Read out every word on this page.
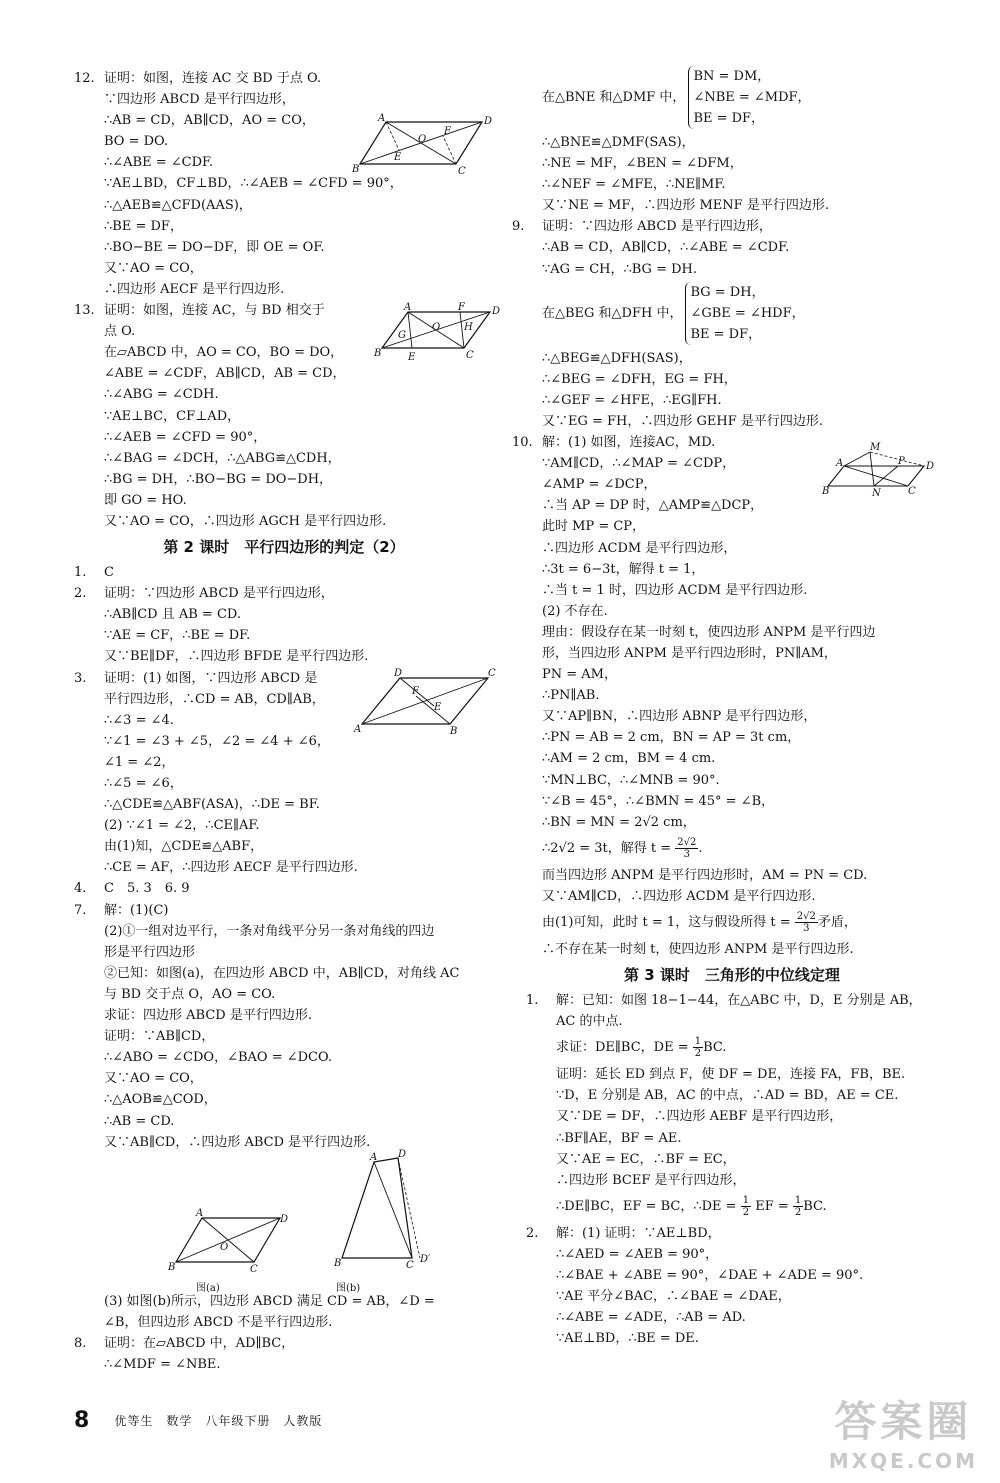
12. 证明：如图，连接 AC 交 BD 于点 O.
∵四边形 ABCD 是平行四边形，
∴AB = CD，AB∥CD，AO = CO，
BO = DO.
∴∠ABE = ∠CDF.
∵AE⊥BD，CF⊥BD，∴∠AEB = ∠CFD = 90°，
∴△AEB≌△CFD(AAS)，
∴BE = DF，
∴BO−BE = DO−DF，即 OE = OF.
又∵AO = CO，
∴四边形 AECF 是平行四边形.
13. 证明：如图，连接 AC，与 BD 相交于
点 O.
在▱ABCD 中，AO = CO，BO = DO，
∠ABE = ∠CDF，AB∥CD，AB = CD，
∴∠ABG = ∠CDH.
∵AE⊥BC，CF⊥AD，
∴∠AEB = ∠CFD = 90°，
∴∠BAG = ∠DCH，∴△ABG≌△CDH，
∴BG = DH，∴BO−BG = DO−DH，
即 GO = HO.
又∵AO = CO，∴四边形 AGCH 是平行四边形.
第 2 课时　平行四边形的判定（2）
1. C
2. 证明：∵四边形 ABCD 是平行四边形，
∴AB∥CD 且 AB = CD.
∵AE = CF，∴BE = DF.
又∵BE∥DF，∴四边形 BFDE 是平行四边形.
3. 证明：(1) 如图，∵四边形 ABCD 是
平行四边形，∴CD = AB，CD∥AB，
∴∠3 = ∠4.
∵∠1 = ∠3 + ∠5，∠2 = ∠4 + ∠6，
∠1 = ∠2，
∴∠5 = ∠6，
∴△CDE≌△ABF(ASA)，∴DE = BF.
(2) ∵∠1 = ∠2，∴CE∥AF.
由(1)知，△CDE≌△ABF，
∴CE = AF，∴四边形 AECF 是平行四边形.
4. C　5. 3　6. 9
7. 解：(1)(C)
(2)①一组对边平行，一条对角线平分另一条对角线的四边
形是平行四边形
②已知：如图(a)，在四边形 ABCD 中，AB∥CD，对角线 AC
与 BD 交于点 O，AO = CO.
求证：四边形 ABCD 是平行四边形.
证明：∵AB∥CD，
∴∠ABO = ∠CDO，∠BAO = ∠DCO.
又∵AO = CO，
∴△AOB≌△COD，
∴AB = CD.
又∵AB∥CD，∴四边形 ABCD 是平行四边形.
图(a)	图(b)
(3) 如图(b)所示，四边形 ABCD 满足 CD = AB，∠D =
∠B，但四边形 ABCD 不是平行四边形.
8. 证明：在▱ABCD 中，AD∥BC，
∴∠MDF = ∠NBE.
在△BNE 和△DMF 中，
BN = DM，
∠NBE = ∠MDF，
BE = DF，
∴△BNE≌△DMF(SAS)，
∴NE = MF，∠BEN = ∠DFM，
∴∠NEF = ∠MFE，∴NE∥MF.
又∵NE = MF，∴四边形 MENF 是平行四边形.
9. 证明：∵四边形 ABCD 是平行四边形，
∴AB = CD，AB∥CD，∴∠ABE = ∠CDF.
∵AG = CH，∴BG = DH.
在△BEG 和△DFH 中，
BG = DH，
∠GBE = ∠HDF，
BE = DF，
∴△BEG≌△DFH(SAS)，
∴∠BEG = ∠DFH，EG = FH，
∴∠GEF = ∠HFE，∴EG∥FH.
又∵EG = FH，∴四边形 GEHF 是平行四边形.
10. 解：(1) 如图，连接AC，MD.
∵AM∥CD，∴∠MAP = ∠CDP，
∠AMP = ∠DCP，
∴当 AP = DP 时，△AMP≌△DCP，
此时 MP = CP，
∴四边形 ACDM 是平行四边形，
∴3t = 6−3t，解得 t = 1，
∴当 t = 1 时，四边形 ACDM 是平行四边形.
(2) 不存在.
理由：假设存在某一时刻 t，使四边形 ANPM 是平行四边
形，当四边形 ANPM 是平行四边形时，PN∥AM，
PN = AM，
∴PN∥AB.
又∵AP∥BN，∴四边形 ABNP 是平行四边形，
∴PN = AB = 2 cm，BN = AP = 3t cm，
∴AM = 2 cm，BM = 4 cm.
∵MN⊥BC，∴∠MNB = 90°.
∵∠B = 45°，∴∠BMN = 45° = ∠B，
∴BN = MN = 2√2 cm，
∴2√2 = 3t，解得 $t = \frac{2√2}{3}$ .
而当四边形 ANPM 是平行四边形时，AM = PN = CD.
又∵AM∥CD，∴四边形 ACDM 是平行四边形.
由(1)可知，此时 t = 1，这与假设所得 $t = \frac{2√2}{3}$ 矛盾，
∴不存在某一时刻 t，使四边形 ANPM 是平行四边形.
第 3 课时　三角形的中位线定理
1. 解：已知：如图 18−1−44，在△ABC 中，D，E 分别是 AB，
AC 的中点.
求证：DE∥BC，DE = $\frac{1}{2}$ BC.
证明：延长 ED 到点 F，使 DF = DE，连接 FA，FB，BE.
∵D，E 分别是 AB，AC 的中点，∴AD = BD，AE = CE.
又∵DE = DF，∴四边形 AEBF 是平行四边形，
∴BF∥AE，BF = AE.
又∵AE = EC，∴BF = EC，
∴四边形 BCEF 是平行四边形，
∴DE∥BC，EF = BC，∴DE = $\frac{1}{2}$ EF = $\frac{1}{2}$ BC.
2. 解：(1) 证明：∵AE⊥BD，
∴∠AED = ∠AEB = 90°，
∴∠BAE + ∠ABE = 90°，∠DAE + ∠ADE = 90°.
∵AE 平分∠BAC，∴∠BAE = ∠DAE，
∴∠ABE = ∠ADE，∴AB = AD.
∵AE⊥BD，∴BE = DE.
A	D
B	C
O
E
F
A	F	D
B	E	C
O
G
H
D	C
A	B
F
E
A
D
B	C
O
A D
B	C
D′
M
A	D
B	N	C
P
8 优等生　数学　八年级下册　人教版	答案圈
MXQE.COM
